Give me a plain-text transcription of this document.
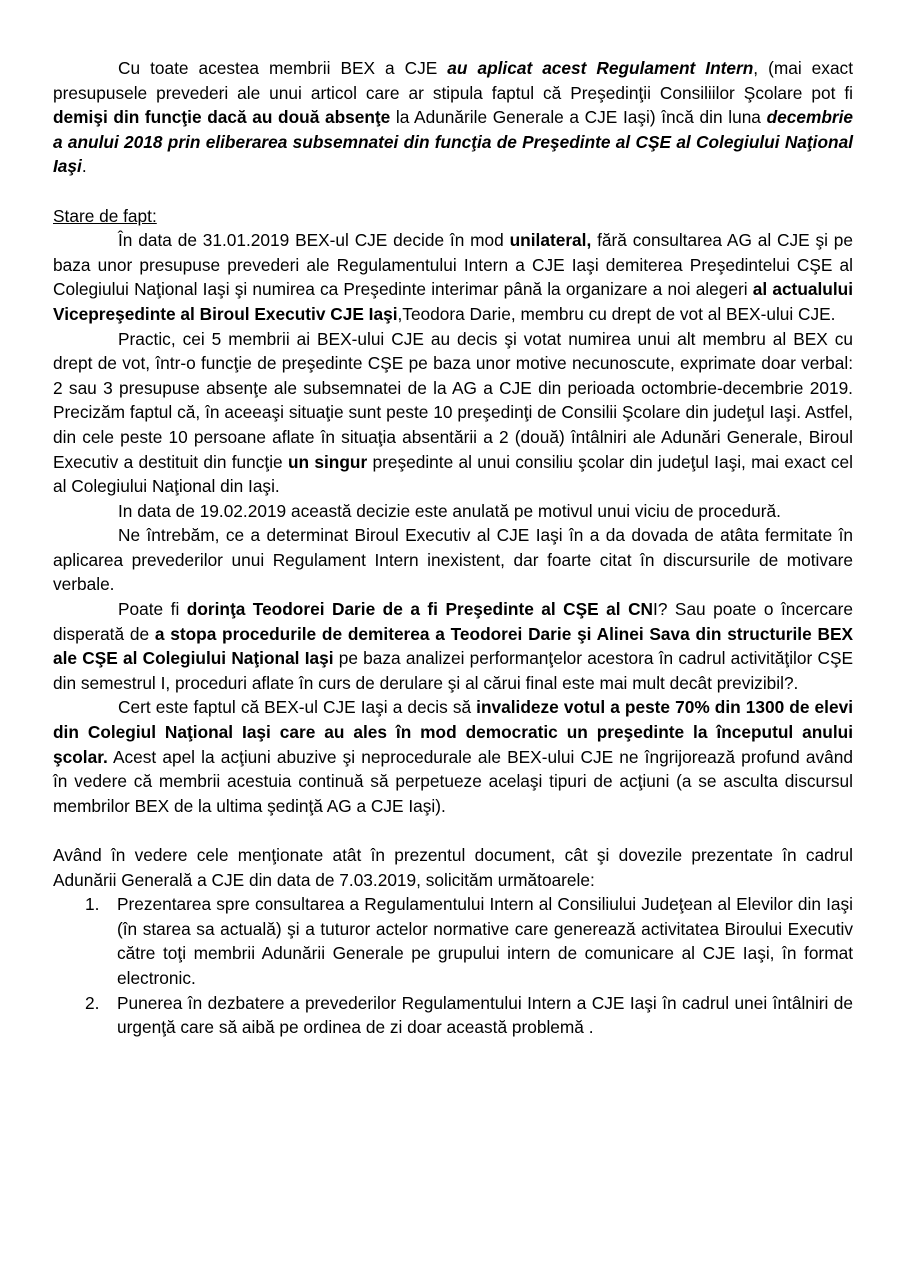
Cu toate acestea membrii BEX a CJE au aplicat acest Regulament Intern, (mai exact presupusele prevederi ale unui articol care ar stipula faptul că Preşedinţii Consiliilor Şcolare pot fi demişi din funcţie dacă au două absenţe la Adunările Generale a CJE Iaşi) încă din luna decembrie a anului 2018 prin eliberarea subsemnatei din funcţia de Preşedinte al CŞE al Colegiului Naţional Iaşi.

Stare de fapt:

În data de 31.01.2019 BEX-ul CJE decide în mod unilateral, fără consultarea AG al CJE şi pe baza unor presupuse prevederi ale Regulamentului Intern a CJE Iaşi demiterea Preşedintelui CŞE al Colegiului Naţional Iaşi şi numirea ca Preşedinte interimar până la organizare a noi alegeri al actualului Vicepreşedinte al Biroul Executiv CJE Iaşi,Teodora Darie, membru cu drept de vot al BEX-ului CJE.

Practic, cei 5 membrii ai BEX-ului CJE au decis şi votat numirea unui alt membru al BEX cu drept de vot, într-o funcţie de preşedinte CŞE pe baza unor motive necunoscute, exprimate doar verbal: 2 sau 3 presupuse absenţe ale subsemnatei de la AG a CJE din perioada octombrie-decembrie 2019. Precizăm faptul că, în aceeaşi situaţie sunt peste 10 preşedinţi de Consilii Şcolare din judeţul Iaşi. Astfel, din cele peste 10 persoane aflate în situaţia absentării a 2 (două) întâlniri ale Adunări Generale, Biroul Executiv a destituit din funcţie un singur preşedinte al unui consiliu şcolar din judeţul Iaşi, mai exact cel al Colegiului Naţional din Iaşi.

In data de 19.02.2019 această decizie este anulată pe motivul unui viciu de procedură.

Ne întrebăm, ce a determinat Biroul Executiv al CJE Iaşi în a da dovada de atâta fermitate în aplicarea prevederilor unui Regulament Intern inexistent, dar foarte citat în discursurile de motivare verbale.

Poate fi dorinţa Teodorei Darie de a fi Preşedinte al CŞE al CNI? Sau poate o încercare disperată de a stopa procedurile de demiterea a Teodorei Darie şi Alinei Sava din structurile BEX ale CŞE al Colegiului Naţional Iaşi pe baza analizei performanţelor acestora în cadrul activităţilor CŞE din semestrul I, proceduri aflate în curs de derulare şi al cărui final este mai mult decât previzibil?.

Cert este faptul că BEX-ul CJE Iaşi a decis să invalideze votul a peste 70% din 1300 de elevi din Colegiul Naţional Iaşi care au ales în mod democratic un preşedinte la începutul anului şcolar. Acest apel la acţiuni abuzive şi neprocedurale ale BEX-ului CJE ne îngrijorează profund având în vedere că membrii acestuia continuă să perpetueze acelaşi tipuri de acţiuni (a se asculta discursul membrilor BEX de la ultima şedinţă AG a CJE Iaşi).

Având în vedere cele menţionate atât în prezentul document, cât şi dovezile prezentate în cadrul Adunării Generală a CJE din data de 7.03.2019, solicităm următoarele:

1. Prezentarea spre consultarea a Regulamentului Intern al Consiliului Judeţean al Elevilor din Iaşi (în starea sa actuală) şi a tuturor actelor normative care generează activitatea Biroului Executiv către toţi membrii Adunării Generale pe grupului intern de comunicare al CJE Iaşi, în format electronic.
2. Punerea în dezbatere a prevederilor Regulamentului Intern a CJE Iaşi în cadrul unei întâlniri de urgenţă care să aibă pe ordinea de zi doar această problemă .
